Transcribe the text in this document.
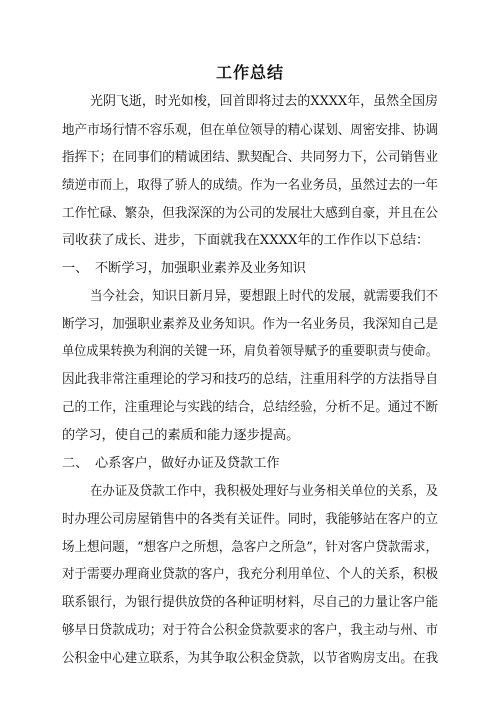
工作总结
光阴飞逝，时光如梭，回首即将过去的XXXX年，虽然全国房
地产市场行情不容乐观，但在单位领导的精心谋划、周密安排、协调
指挥下；在同事们的精诚团结、默契配合、共同努力下，公司销售业
绩逆市而上，取得了骄人的成绩。作为一名业务员，虽然过去的一年
工作忙碌、繁杂，但我深深的为公司的发展壮大感到自豪，并且在公
司收获了成长、进步，下面就我在XXXX年的工作作以下总结：
一、　不断学习，加强职业素养及业务知识
当今社会，知识日新月异，要想跟上时代的发展，就需要我们不
断学习，加强职业素养及业务知识。作为一名业务员，我深知自己是
单位成果转换为利润的关键一环，肩负着领导赋予的重要职责与使命。
因此我非常注重理论的学习和技巧的总结，注重用科学的方法指导自
己的工作，注重理论与实践的结合，总结经验，分析不足。通过不断
的学习，使自己的素质和能力逐步提高。
二、　心系客户，做好办证及贷款工作
在办证及贷款工作中，我积极处理好与业务相关单位的关系，及
时办理公司房屋销售中的各类有关证件。同时，我能够站在客户的立
场上想问题，“想客户之所想，急客户之所急”，针对客户贷款需求，
对于需要办理商业贷款的客户，我充分利用单位、个人的关系，积极
联系银行，为银行提供放贷的各种证明材料，尽自己的力量让客户能
够早日贷款成功；对于符合公积金贷款要求的客户，我主动与州、市
公积金中心建立联系，为其争取公积金贷款，以节省购房支出。在我
